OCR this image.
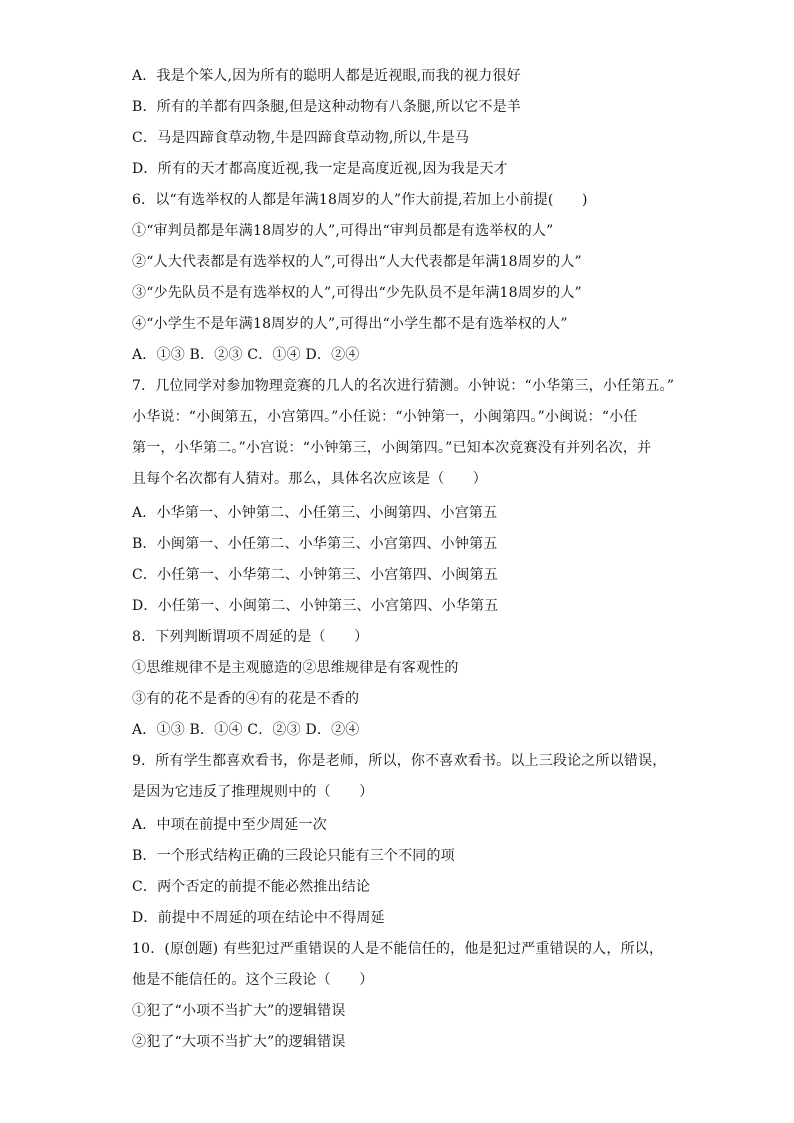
A．我是个笨人,因为所有的聪明人都是近视眼,而我的视力很好

B．所有的羊都有四条腿,但是这种动物有八条腿,所以它不是羊

C．马是四蹄食草动物,牛是四蹄食草动物,所以,牛是马

D．所有的天才都高度近视,我一定是高度近视,因为我是天才

6．以“有选举权的人都是年满18周岁的人”作大前提,若加上小前提(　　)

①“审判员都是年满18周岁的人”,可得出“审判员都是有选举权的人”

②“人大代表都是有选举权的人”,可得出“人大代表都是年满18周岁的人”

③“少先队员不是有选举权的人”,可得出“少先队员不是年满18周岁的人”

④“小学生不是年满18周岁的人”,可得出“小学生都不是有选举权的人”

A．①③ B．②③ C．①④ D．②④

7．几位同学对参加物理竞赛的几人的名次进行猜测。小钟说：“小华第三，小任第五。”

小华说：“小闽第五，小宫第四。”小任说：“小钟第一，小闽第四。”小闽说：“小任

第一，小华第二。”小宫说：“小钟第三，小闽第四。”已知本次竞赛没有并列名次，并

且每个名次都有人猜对。那么，具体名次应该是（　　）

A．小华第一、小钟第二、小任第三、小闽第四、小宫第五

B．小闽第一、小任第二、小华第三、小宫第四、小钟第五

C．小任第一、小华第二、小钟第三、小宫第四、小闽第五

D．小任第一、小闽第二、小钟第三、小宫第四、小华第五

8．下列判断谓项不周延的是（　　）

①思维规律不是主观臆造的②思维规律是有客观性的

③有的花不是香的④有的花是不香的

A．①③ B．①④ C．②③ D．②④

9．所有学生都喜欢看书，你是老师，所以，你不喜欢看书。以上三段论之所以错误，

是因为它违反了推理规则中的（　　）

A．中项在前提中至少周延一次

B．一个形式结构正确的三段论只能有三个不同的项

C．两个否定的前提不能必然推出结论

D．前提中不周延的项在结论中不得周延

10．(原创题) 有些犯过严重错误的人是不能信任的，他是犯过严重错误的人，所以，

他是不能信任的。这个三段论（　　）

①犯了“小项不当扩大”的逻辑错误

②犯了“大项不当扩大”的逻辑错误
